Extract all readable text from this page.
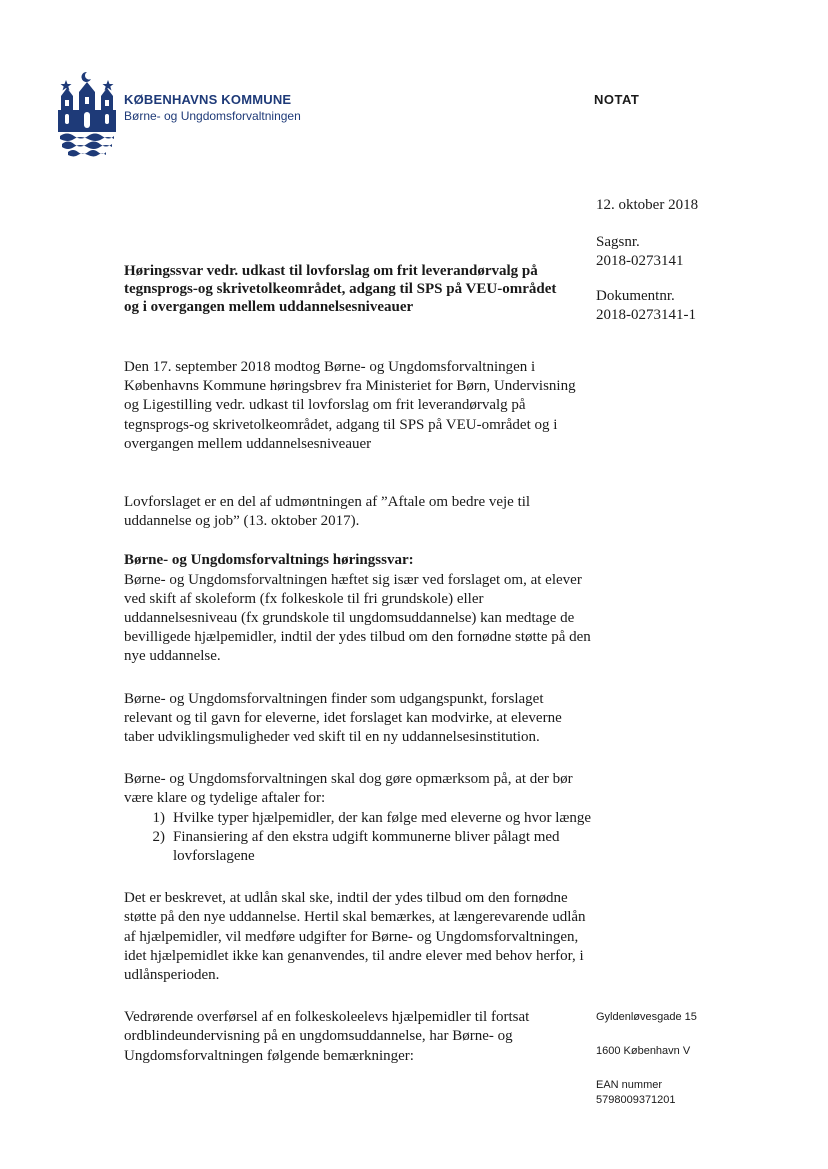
KØBENHAVNS KOMMUNE
Børne- og Ungdomsforvaltningen
NOTAT
12. oktober 2018
Sagsnr.
2018-0273141
Dokumentnr.
2018-0273141-1
Høringssvar vedr. udkast til lovforslag om frit leverandørvalg på tegnsprogs-og skrivetolkeområdet, adgang til SPS på VEU-området og i overgangen mellem uddannelsesniveauer

Den 17. september 2018 modtog Børne- og Ungdomsforvaltningen i Københavns Kommune høringsbrev fra Ministeriet for Børn, Undervisning og Ligestilling vedr. udkast til lovforslag om frit leverandørvalg på tegnsprogs-og skrivetolkeområdet, adgang til SPS på VEU-området og i overgangen mellem uddannelsesniveauer

Lovforslaget er en del af udmøntningen af ”Aftale om bedre veje til uddannelse og job” (13. oktober 2017).

Børne- og Ungdomsforvaltnings høringssvar:

Børne- og Ungdomsforvaltningen hæftet sig især ved forslaget om, at elever ved skift af skoleform (fx folkeskole til fri grundskole) eller uddannelsesniveau (fx grundskole til ungdomsuddannelse) kan medtage de bevilligede hjælpemidler, indtil der ydes tilbud om den fornødne støtte på den nye uddannelse.

Børne- og Ungdomsforvaltningen finder som udgangspunkt, forslaget relevant og til gavn for eleverne, idet forslaget kan modvirke, at eleverne taber udviklingsmuligheder ved skift til en ny uddannelsesinstitution.

Børne- og Ungdomsforvaltningen skal dog gøre opmærksom på, at der bør være klare og tydelige aftaler for:

1) Hvilke typer hjælpemidler, der kan følge med eleverne og hvor længe
2) Finansiering af den ekstra udgift kommunerne bliver pålagt med lovforslagene

Det er beskrevet, at udlån skal ske, indtil der ydes tilbud om den fornødne støtte på den nye uddannelse. Hertil skal bemærkes, at længerevarende udlån af hjælpemidler, vil medføre udgifter for Børne- og Ungdomsforvaltningen, idet hjælpemidlet ikke kan genanvendes, til andre elever med behov herfor, i udlånsperioden.

Vedrørende overførsel af en folkeskoleelevs hjælpemidler til fortsat ordblindeundervisning på en ungdomsuddannelse, har Børne- og Ungdomsforvaltningen følgende bemærkninger:

Gyldenløvesgade 15
1600 København V
EAN nummer
5798009371201
